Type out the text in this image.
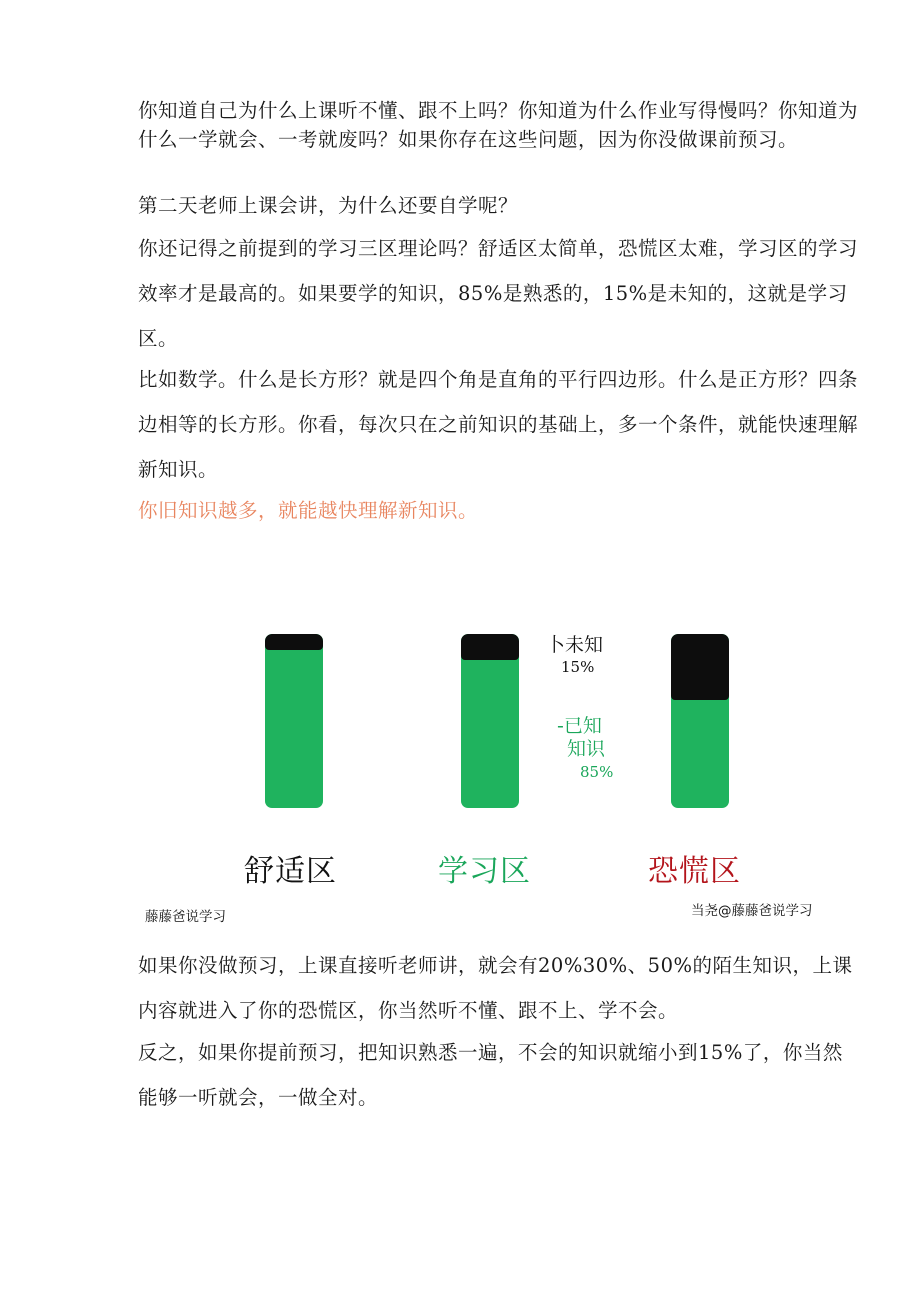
你知道自己为什么上课听不懂、跟不上吗？你知道为什么作业写得慢吗？你知道为什么一学就会、一考就废吗？如果你存在这些问题，因为你没做课前预习。

第二天老师上课会讲，为什么还要自学呢？

你还记得之前提到的学习三区理论吗？舒适区太简单，恐慌区太难，学习区的学习效率才是最高的。如果要学的知识，85%是熟悉的，15%是未知的，这就是学习区。

比如数学。什么是长方形？就是四个角是直角的平行四边形。什么是正方形？四条边相等的长方形。你看，每次只在之前知识的基础上，多一个条件，就能快速理解新知识。

你旧知识越多，就能越快理解新知识。

卜未知
15%
-已知
知识
85%
舒适区	学习区	恐慌区
藤藤爸说学习	当尧@藤藤爸说学习

如果你没做预习，上课直接听老师讲，就会有20%30%、50%的陌生知识，上课内容就进入了你的恐慌区，你当然听不懂、跟不上、学不会。

反之，如果你提前预习，把知识熟悉一遍，不会的知识就缩小到15%了，你当然能够一听就会，一做全对。
